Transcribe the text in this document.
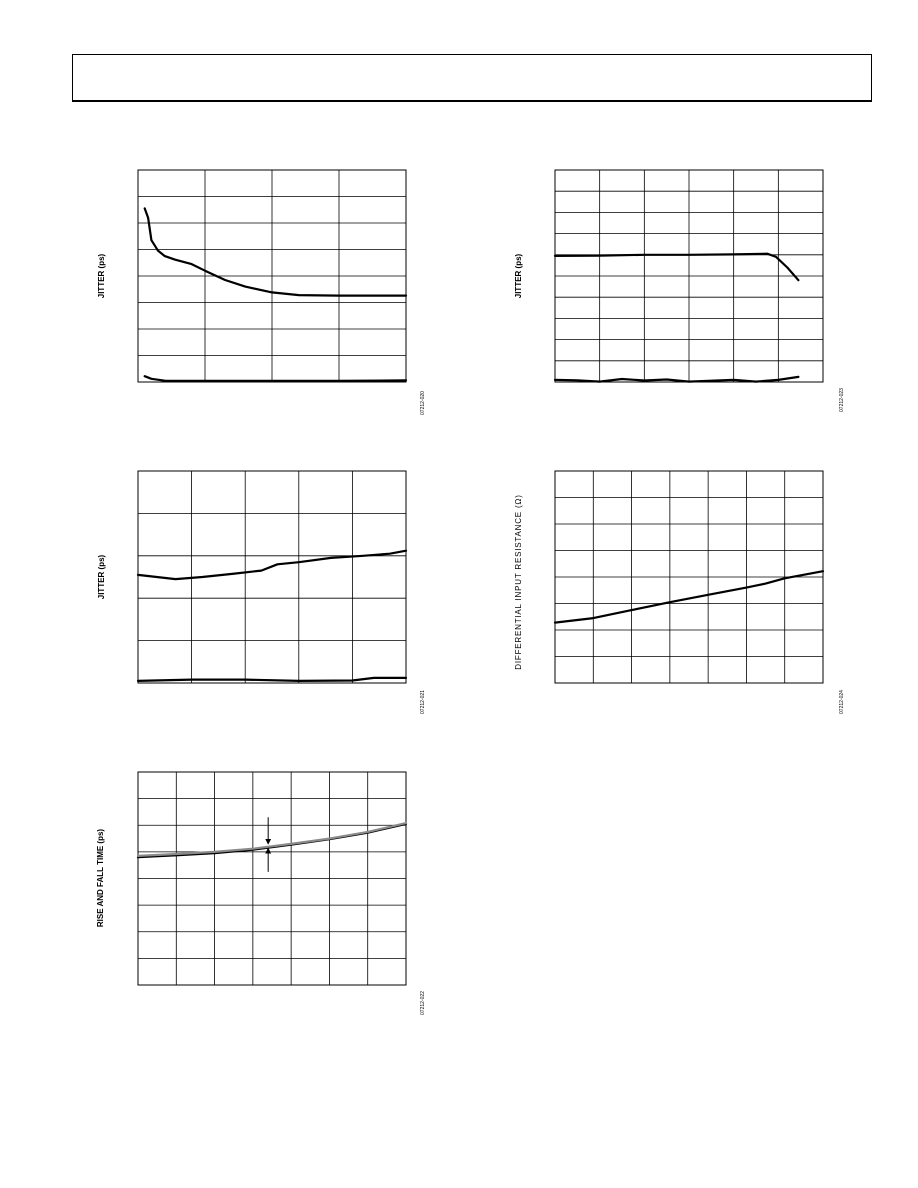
JITTER (ps)
07212-020
JITTER (ps)
07212-023
JITTER (ps)
07212-021
DIFFERENTIAL INPUT RESISTANCE (Ω)
07212-024
RISE AND FALL TIME (ps)
07212-022
